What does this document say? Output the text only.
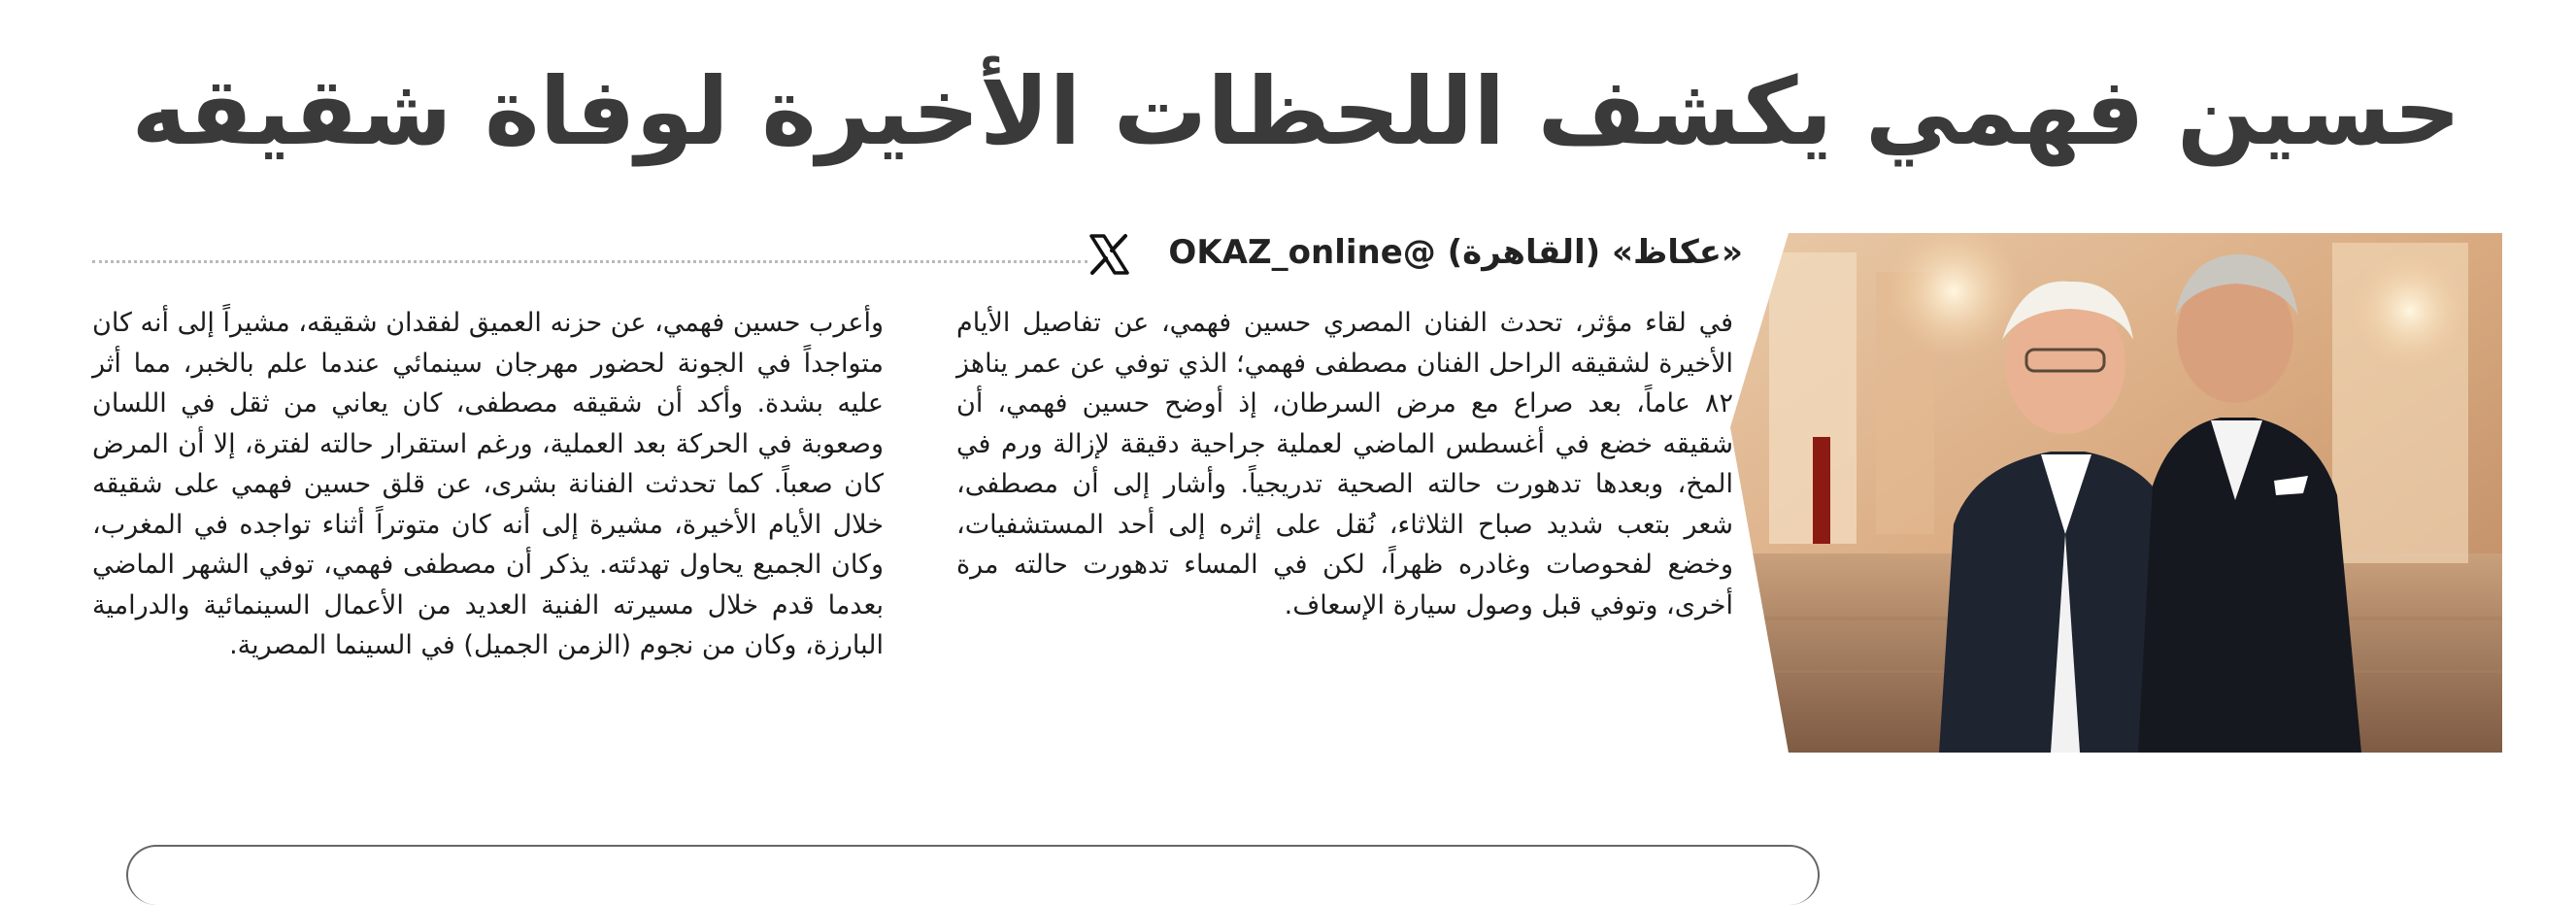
حسين فهمي يكشف اللحظات الأخيرة لوفاة شقيقه
«عكاظ» (القاهرة) @OKAZ_online
في لقاء مؤثر، تحدث الفنان المصري حسين فهمي، عن تفاصيل الأيام الأخيرة لشقيقه الراحل الفنان مصطفى فهمي؛ الذي توفي عن عمر يناهز ٨٢ عاماً، بعد صراع مع مرض السرطان، إذ أوضح حسين فهمي، أن شقيقه خضع في أغسطس الماضي لعملية جراحية دقيقة لإزالة ورم في المخ، وبعدها تدهورت حالته الصحية تدريجياً. وأشار إلى أن مصطفى، شعر بتعب شديد صباح الثلاثاء، نُقل على إثره إلى أحد المستشفيات، وخضع لفحوصات وغادره ظهراً، لكن في المساء تدهورت حالته مرة أخرى، وتوفي قبل وصول سيارة الإسعاف.
وأعرب حسين فهمي، عن حزنه العميق لفقدان شقيقه، مشيراً إلى أنه كان متواجداً في الجونة لحضور مهرجان سينمائي عندما علم بالخبر، مما أثر عليه بشدة. وأكد أن شقيقه مصطفى، كان يعاني من ثقل في اللسان وصعوبة في الحركة بعد العملية، ورغم استقرار حالته لفترة، إلا أن المرض كان صعباً. كما تحدثت الفنانة بشرى، عن قلق حسين فهمي على شقيقه خلال الأيام الأخيرة، مشيرة إلى أنه كان متوتراً أثناء تواجده في المغرب، وكان الجميع يحاول تهدئته. يذكر أن مصطفى فهمي، توفي الشهر الماضي بعدما قدم خلال مسيرته الفنية العديد من الأعمال السينمائية والدرامية البارزة، وكان من نجوم (الزمن الجميل) في السينما المصرية.
